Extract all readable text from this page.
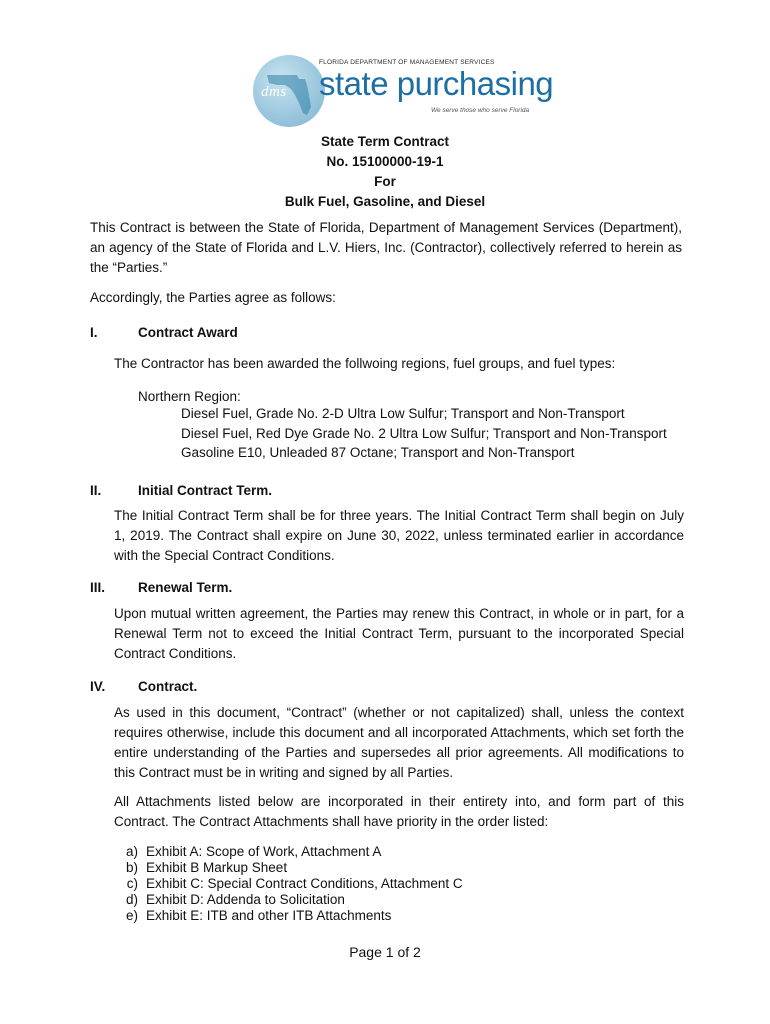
dms
FLORIDA DEPARTMENT OF MANAGEMENT SERVICES
state purchasing
We serve those who serve Florida
State Term Contract
No. 15100000-19-1
For
Bulk Fuel, Gasoline, and Diesel
This Contract is between the State of Florida, Department of Management Services (Department), an agency of the State of Florida and L.V. Hiers, Inc. (Contractor), collectively referred to herein as the “Parties.”
Accordingly, the Parties agree as follows:
I.	Contract Award
The Contractor has been awarded the follwoing regions, fuel groups, and fuel types:
Northern Region:
Diesel Fuel, Grade No. 2-D Ultra Low Sulfur; Transport and Non-Transport
Diesel Fuel, Red Dye Grade No. 2 Ultra Low Sulfur; Transport and Non-Transport
Gasoline E10, Unleaded 87 Octane; Transport and Non-Transport
II.	Initial Contract Term.
The Initial Contract Term shall be for three years. The Initial Contract Term shall begin on July 1, 2019. The Contract shall expire on June 30, 2022, unless terminated earlier in accordance with the Special Contract Conditions.
III. Renewal Term.
Upon mutual written agreement, the Parties may renew this Contract, in whole or in part, for a Renewal Term not to exceed the Initial Contract Term, pursuant to the incorporated Special Contract Conditions.
IV. Contract.
As used in this document, “Contract” (whether or not capitalized) shall, unless the context requires otherwise, include this document and all incorporated Attachments, which set forth the entire understanding of the Parties and supersedes all prior agreements. All modifications to this Contract must be in writing and signed by all Parties.
All Attachments listed below are incorporated in their entirety into, and form part of this Contract. The Contract Attachments shall have priority in the order listed:
a) Exhibit A: Scope of Work, Attachment A
b) Exhibit B Markup Sheet
c) Exhibit C: Special Contract Conditions, Attachment C
d) Exhibit D: Addenda to Solicitation
e) Exhibit E: ITB and other ITB Attachments
Page 1 of 2
